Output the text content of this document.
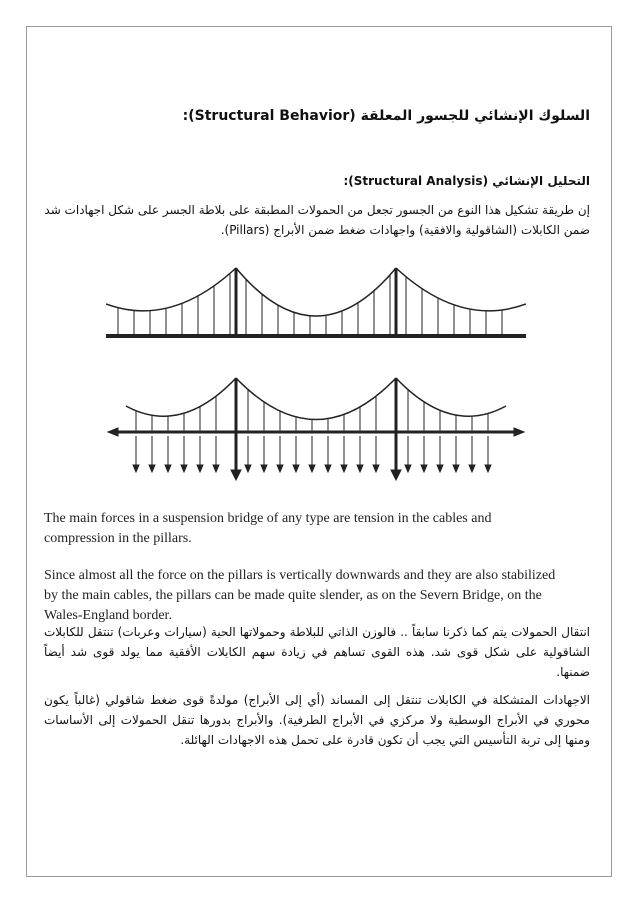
السلوك الإنشائي للجسور المعلقة (Structural Behavior):
التحليل الإنشائي (Structural Analysis):
إن طريقة تشكيل هذا النوع من الجسور تجعل من الحمولات المطبقة على بلاطة الجسر على شكل اجهادات شد ضمن الكابلات (الشاقولية والافقية) واجهادات ضغط ضمن الأبراج (Pillars).
The main forces in a suspension bridge of any type are tension in the cables and compression in the pillars.
Since almost all the force on the pillars is vertically downwards and they are also stabilized by the main cables, the pillars can be made quite slender, as on the Severn Bridge, on the Wales-England border.
انتقال الحمولات يتم كما ذكرنا سابقاً .. فالوزن الذاتي للبلاطة وحمولاتها الحية (سيارات وعربات) تنتقل للكابلات الشاقولية على شكل قوى شد. هذه القوى تساهم في زيادة سهم الكابلات الأفقية مما يولد قوى شد أيضاً ضمنها.
الاجهادات المتشكلة في الكابلات تنتقل إلى المساند (أي إلى الأبراج) مولدةً قوى ضغط شاقولي (غالباً يكون محوري في الأبراج الوسطية ولا مركزي في الأبراج الطرفية). والأبراج بدورها تنقل الحمولات إلى الأساسات ومنها إلى تربة التأسيس التي يجب أن تكون قادرة على تحمل هذه الاجهادات الهائلة.
